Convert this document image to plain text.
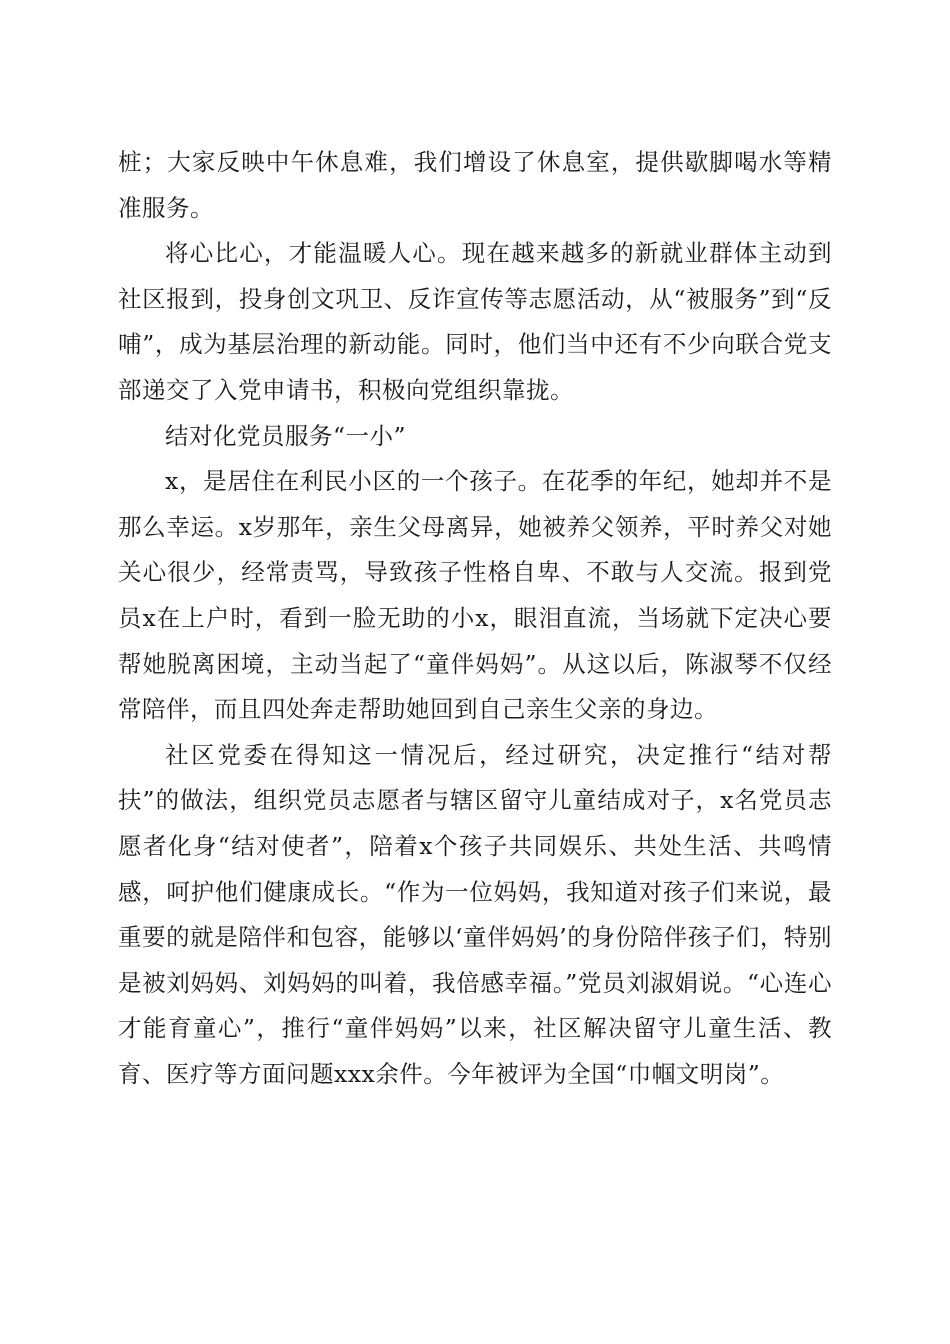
桩；大家反映中午休息难，我们增设了休息室，提供歇脚喝水等精准服务。

将心比心，才能温暖人心。现在越来越多的新就业群体主动到社区报到，投身创文巩卫、反诈宣传等志愿活动，从“被服务”到“反哺”，成为基层治理的新动能。同时，他们当中还有不少向联合党支部递交了入党申请书，积极向党组织靠拢。

结对化党员服务“一小”

x，是居住在利民小区的一个孩子。在花季的年纪，她却并不是那么幸运。x岁那年，亲生父母离异，她被养父领养，平时养父对她关心很少，经常责骂，导致孩子性格自卑、不敢与人交流。报到党员x在上户时，看到一脸无助的小x，眼泪直流，当场就下定决心要帮她脱离困境，主动当起了“童伴妈妈”。从这以后，陈淑琴不仅经常陪伴，而且四处奔走帮助她回到自己亲生父亲的身边。

社区党委在得知这一情况后，经过研究，决定推行“结对帮扶”的做法，组织党员志愿者与辖区留守儿童结成对子，x名党员志愿者化身“结对使者”，陪着x个孩子共同娱乐、共处生活、共鸣情感，呵护他们健康成长。“作为一位妈妈，我知道对孩子们来说，最重要的就是陪伴和包容，能够以‘童伴妈妈’的身份陪伴孩子们，特别是被刘妈妈、刘妈妈的叫着，我倍感幸福。”党员刘淑娟说。“心连心才能育童心”，推行“童伴妈妈”以来，社区解决留守儿童生活、教育、医疗等方面问题xxx余件。今年被评为全国“巾帼文明岗”。
